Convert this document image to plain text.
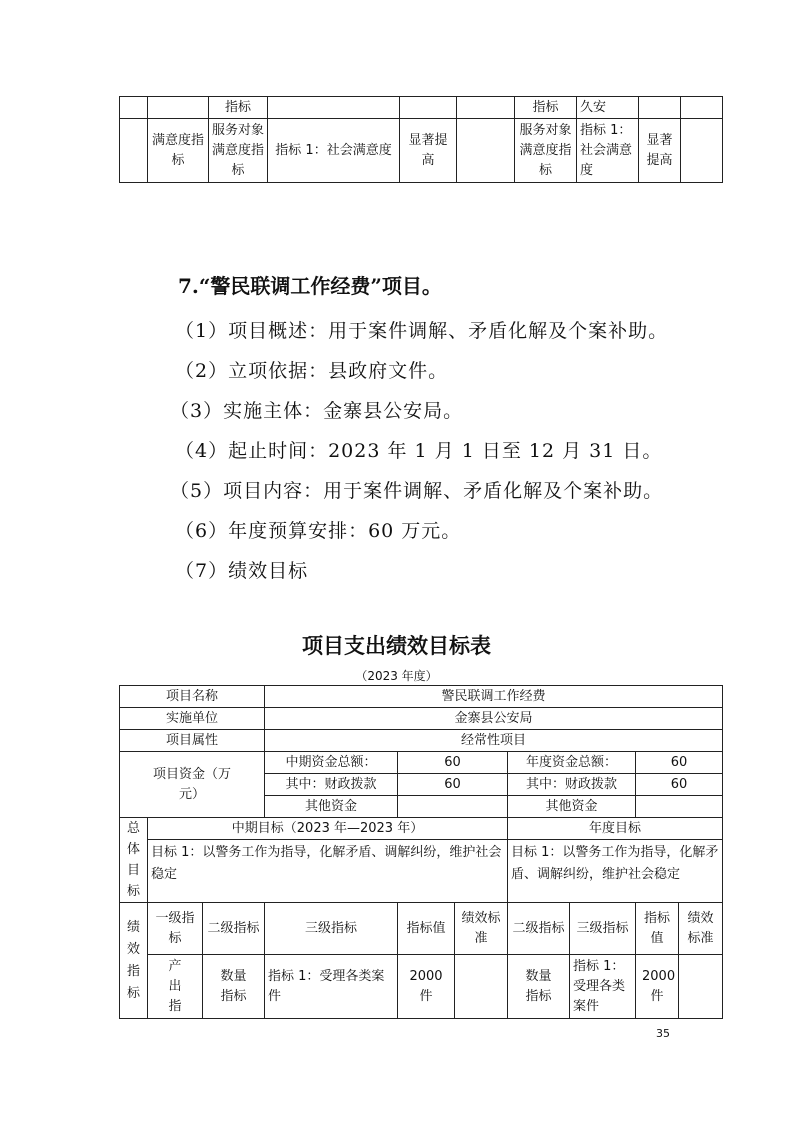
		指标				指标	久安		
	满意度指标	服务对象满意度指标	指标 1：社会满意度	显著提高		服务对象满意度指标	指标 1：社会满意度	显著提高	
7.“警民联调工作经费”项目。
（1）项目概述：用于案件调解、矛盾化解及个案补助。
（2）立项依据：县政府文件。
（3）实施主体：金寨县公安局。
（4）起止时间：2023 年 1 月 1 日至 12 月 31 日。
（5）项目内容：用于案件调解、矛盾化解及个案补助。
（6）年度预算安排：60 万元。
（7）绩效目标
项目支出绩效目标表
（2023 年度）
项目名称			警民联调工作经费						
实施单位			金寨县公安局						
项目属性			经常性项目						
项目资金（万元）			中期资金总额：	60		年度资金总额：		60	
			其中：财政拨款	60		其中：财政拨款		60	
			其他资金			其他资金			
总体目标	中期目标（2023 年—2023 年）					年度目标			
	目标 1：以警务工作为指导，化解矛盾、调解纠纷，维护社会稳定					目标 1：以警务工作为指导，化解矛盾、调解纠纷，维护社会稳定			
绩效指标	一级指标	二级指标	三级指标	指标值	绩效标准	二级指标	三级指标	指标值	绩效标准
	产出指	数量指标	指标 1：受理各类案件	2000 件		数量指标	指标 1：受理各类案件	2000件	
35
